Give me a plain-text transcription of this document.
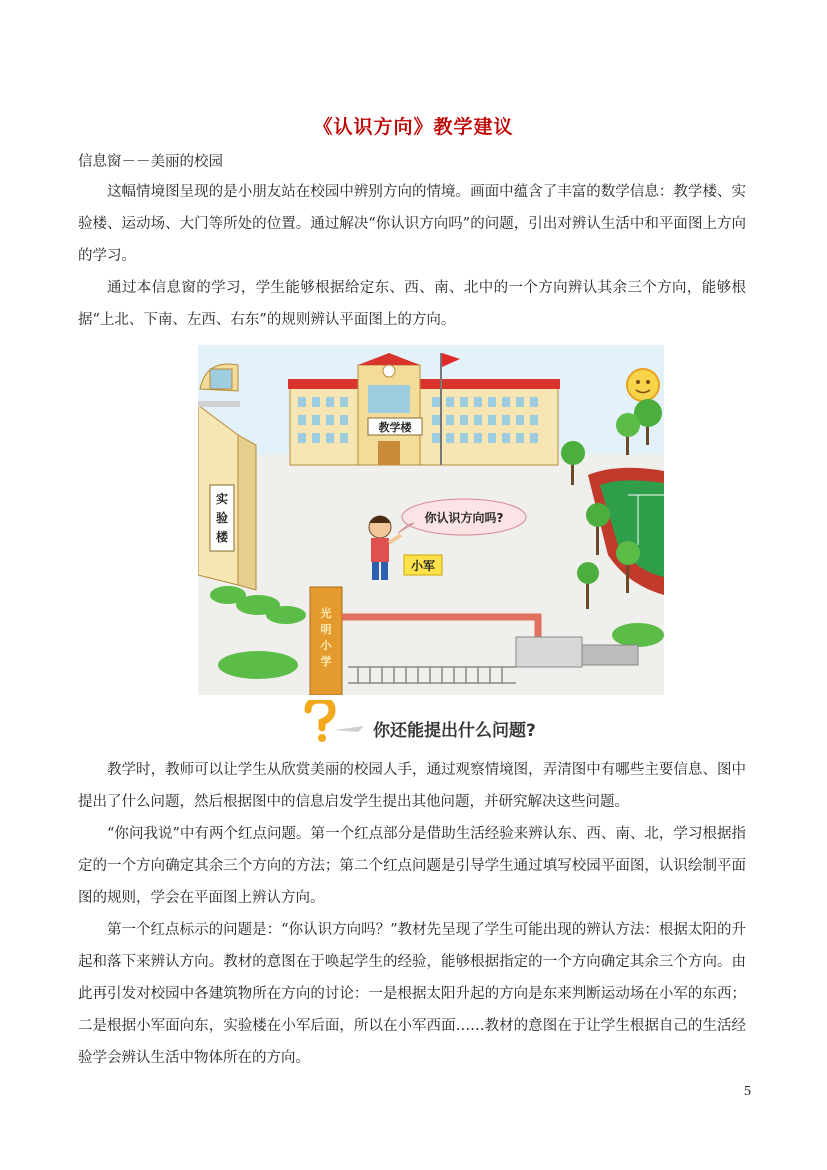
《认识方向》教学建议
信息窗－－美丽的校园

这幅情境图呈现的是小朋友站在校园中辨别方向的情境。画面中蕴含了丰富的数学信息：教学楼、实验楼、运动场、大门等所处的位置。通过解决“你认识方向吗”的问题，引出对辨认生活中和平面图上方向的学习。

通过本信息窗的学习，学生能够根据给定东、西、南、北中的一个方向辨认其余三个方向，能够根据“上北、下南、左西、右东”的规则辨认平面图上的方向。

教学楼
实
验
楼
你认识方向吗?
小军
光
明
小
学
你还能提出什么问题?

教学时，教师可以让学生从欣赏美丽的校园人手，通过观察情境图，弄清图中有哪些主要信息、图中提出了什么问题，然后根据图中的信息启发学生提出其他问题，并研究解决这些问题。

“你问我说”中有两个红点问题。第一个红点部分是借助生活经验来辨认东、西、南、北，学习根据指定的一个方向确定其余三个方向的方法；第二个红点问题是引导学生通过填写校园平面图，认识绘制平面图的规则，学会在平面图上辨认方向。

第一个红点标示的问题是：“你认识方向吗？”教材先呈现了学生可能出现的辨认方法：根据太阳的升起和落下来辨认方向。教材的意图在于唤起学生的经验，能够根据指定的一个方向确定其余三个方向。由此再引发对校园中各建筑物所在方向的讨论：一是根据太阳升起的方向是东来判断运动场在小军的东西；二是根据小军面向东，实验楼在小军后面，所以在小军西面……教材的意图在于让学生根据自己的生活经验学会辨认生活中物体所在的方向。

5
